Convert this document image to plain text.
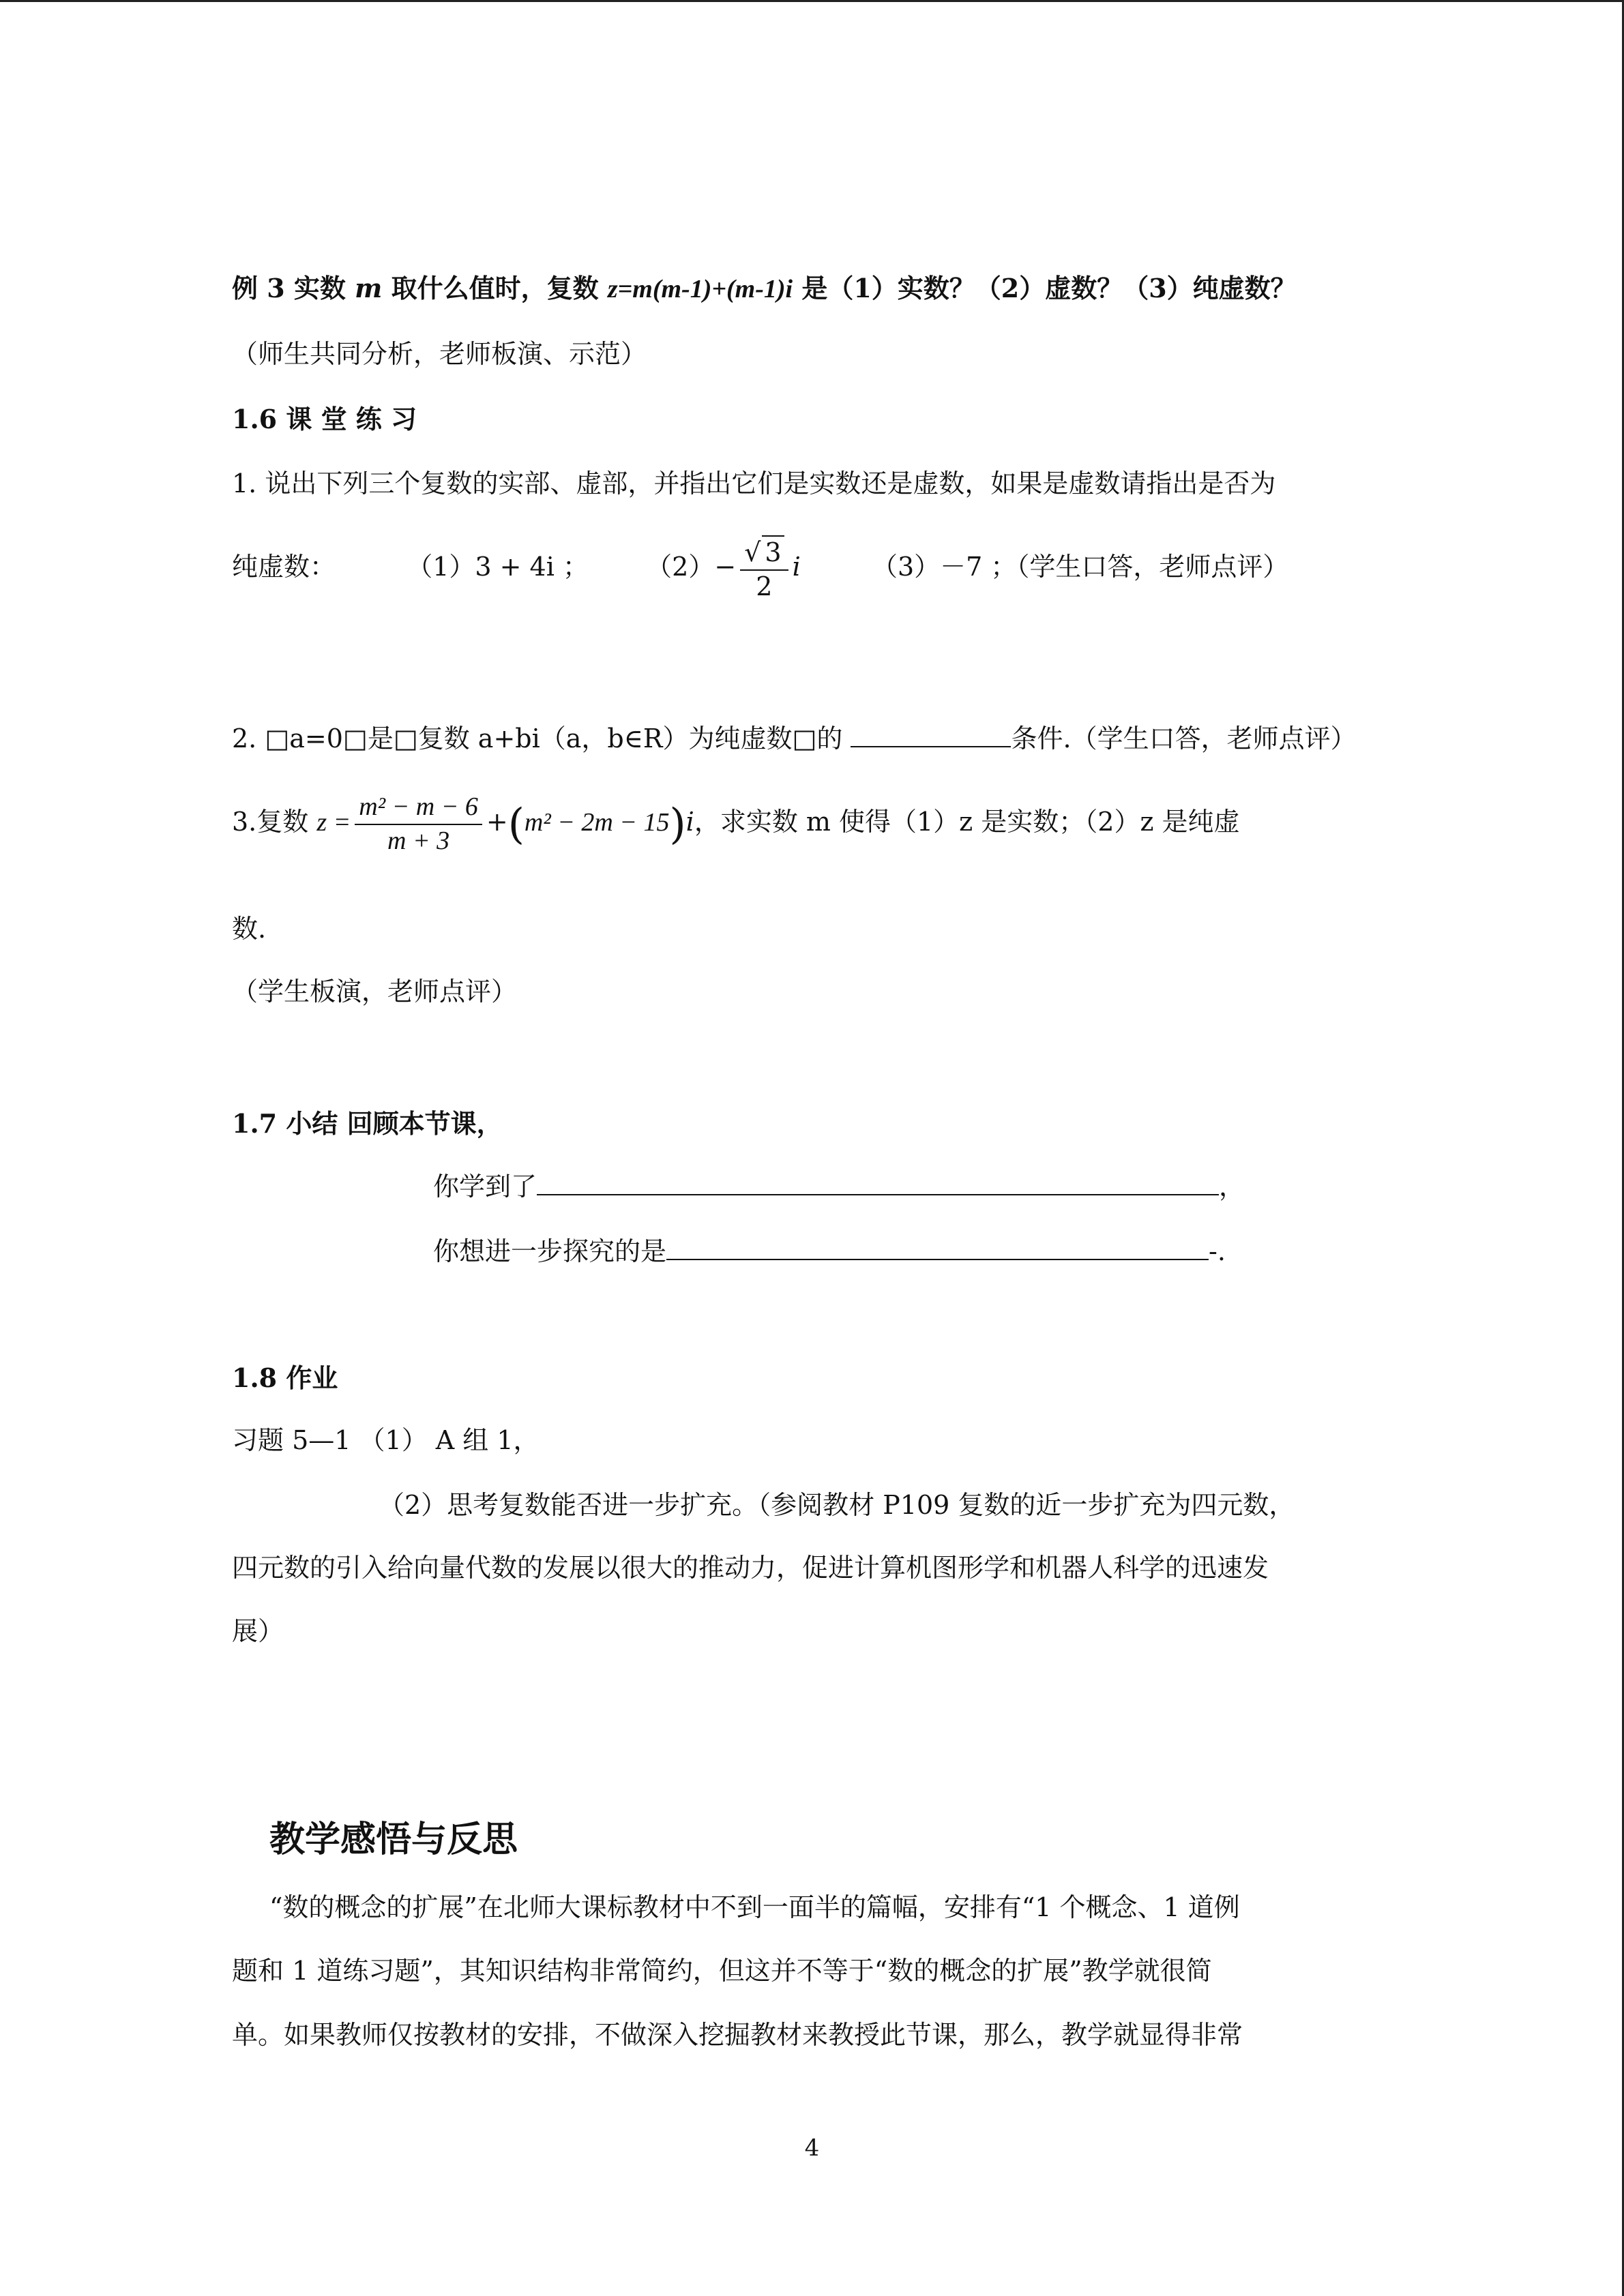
例 3 实数 m 取什么值时，复数 z=m(m-1)+(m-1)i 是（1）实数？（2）虚数？（3）纯虚数？
（师生共同分析，老师板演、示范）
1.6 课 堂 练 习
1. 说出下列三个复数的实部、虚部，并指出它们是实数还是虚数，如果是虚数请指出是否为
纯虚数：	（1）3 + 4i ； $(2)- \frac{√ 3}{2}$ i	（3）－7 ；（学生口答，老师点评）
2. □a=0□是□复数 a+bi（a，b∈R）为纯虚数□的	条件.（学生口答，老师点评）
3.复数 $z = \frac{\text{m² − m − 6}}{m + 3} +(m^2 - 2m - 15)i$，求实数 m 使得（1）z 是实数；（2）z 是纯虚
数.
（学生板演，老师点评）
1.7 小结 回顾本节课，
你学到了	，
你想进一步探究的是	-.
1.8 作业
习题 5—1 （1） A 组 1，
（2）思考复数能否进一步扩充。（参阅教材 P109 复数的近一步扩充为四元数，
四元数的引入给向量代数的发展以很大的推动力，促进计算机图形学和机器人科学的迅速发
展）
教学感悟与反思
“数的概念的扩展”在北师大课标教材中不到一面半的篇幅，安排有“1 个概念、1 道例
题和 1 道练习题”，其知识结构非常简约，但这并不等于“数的概念的扩展”教学就很简
单。如果教师仅按教材的安排，不做深入挖掘教材来教授此节课，那么，教学就显得非常
4
